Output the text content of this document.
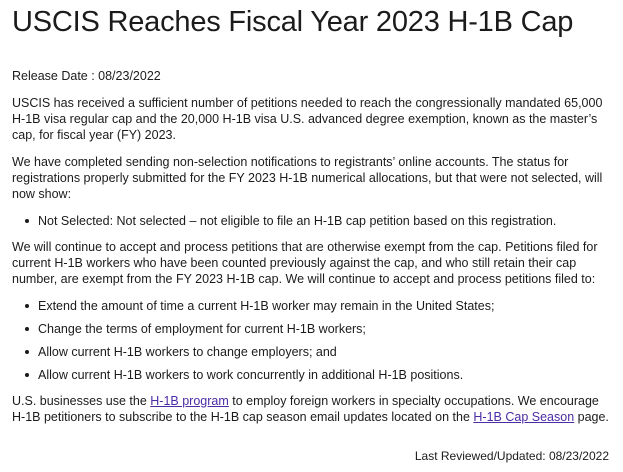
USCIS Reaches Fiscal Year 2023 H-1B Cap
Release Date : 08/23/2022

USCIS has received a sufficient number of petitions needed to reach the congressionally mandated 65,000 H-1B visa regular cap and the 20,000 H-1B visa U.S. advanced degree exemption, known as the master’s cap, for fiscal year (FY) 2023.

We have completed sending non-selection notifications to registrants’ online accounts. The status for registrations properly submitted for the FY 2023 H-1B numerical allocations, but that were not selected, will now show:

Not Selected: Not selected – not eligible to file an H-1B cap petition based on this registration.

We will continue to accept and process petitions that are otherwise exempt from the cap. Petitions filed for current H-1B workers who have been counted previously against the cap, and who still retain their cap number, are exempt from the FY 2023 H-1B cap. We will continue to accept and process petitions filed to:

Extend the amount of time a current H-1B worker may remain in the United States;
Change the terms of employment for current H-1B workers;
Allow current H-1B workers to change employers; and
Allow current H-1B workers to work concurrently in additional H-1B positions.

U.S. businesses use the H-1B program to employ foreign workers in specialty occupations. We encourage H-1B petitioners to subscribe to the H-1B cap season email updates located on the H-1B Cap Season page.

Last Reviewed/Updated: 08/23/2022
